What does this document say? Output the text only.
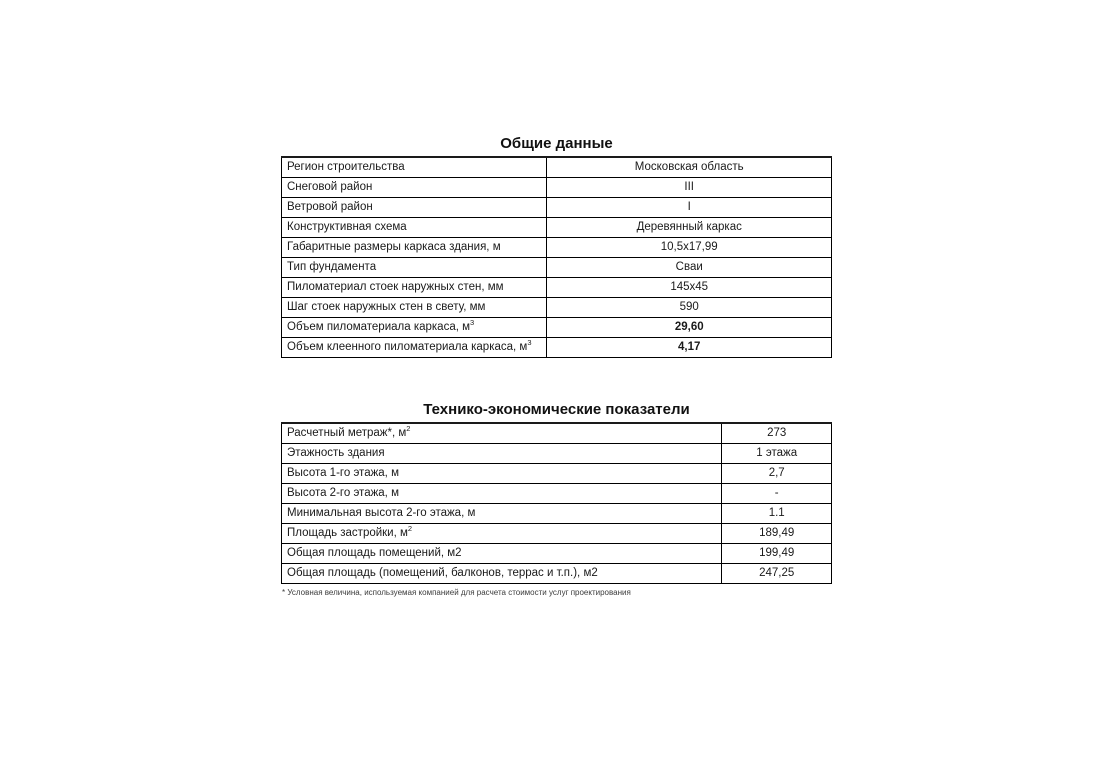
Общие данные
Регион строительства	Московская область
Снеговой район	III
Ветровой район	I
Конструктивная схема	Деревянный каркас
Габаритные размеры каркаса здания, м	10,5x17,99
Тип фундамента	Сваи
Пиломатериал стоек наружных стен, мм	145x45
Шаг стоек наружных стен в свету, мм	590
Объем пиломатериала каркаса, $м^3$	29,60
Объем клеенного пиломатериала каркаса, $м^3$	4,17
Технико-экономические показатели
Расчетный метраж*, $м^2$	273
Этажность здания	1 этажа
Высота 1-го этажа, м	2,7
Высота 2-го этажа, м	-
Минимальная высота 2-го этажа, м	1.1
Площадь застройки, $м^2$	189,49
Общая площадь помещений, м2	199,49
Общая площадь (помещений, балконов, террас и т.п.), м2	247,25
* Условная величина, используемая компанией для расчета стоимости услуг проектирования
